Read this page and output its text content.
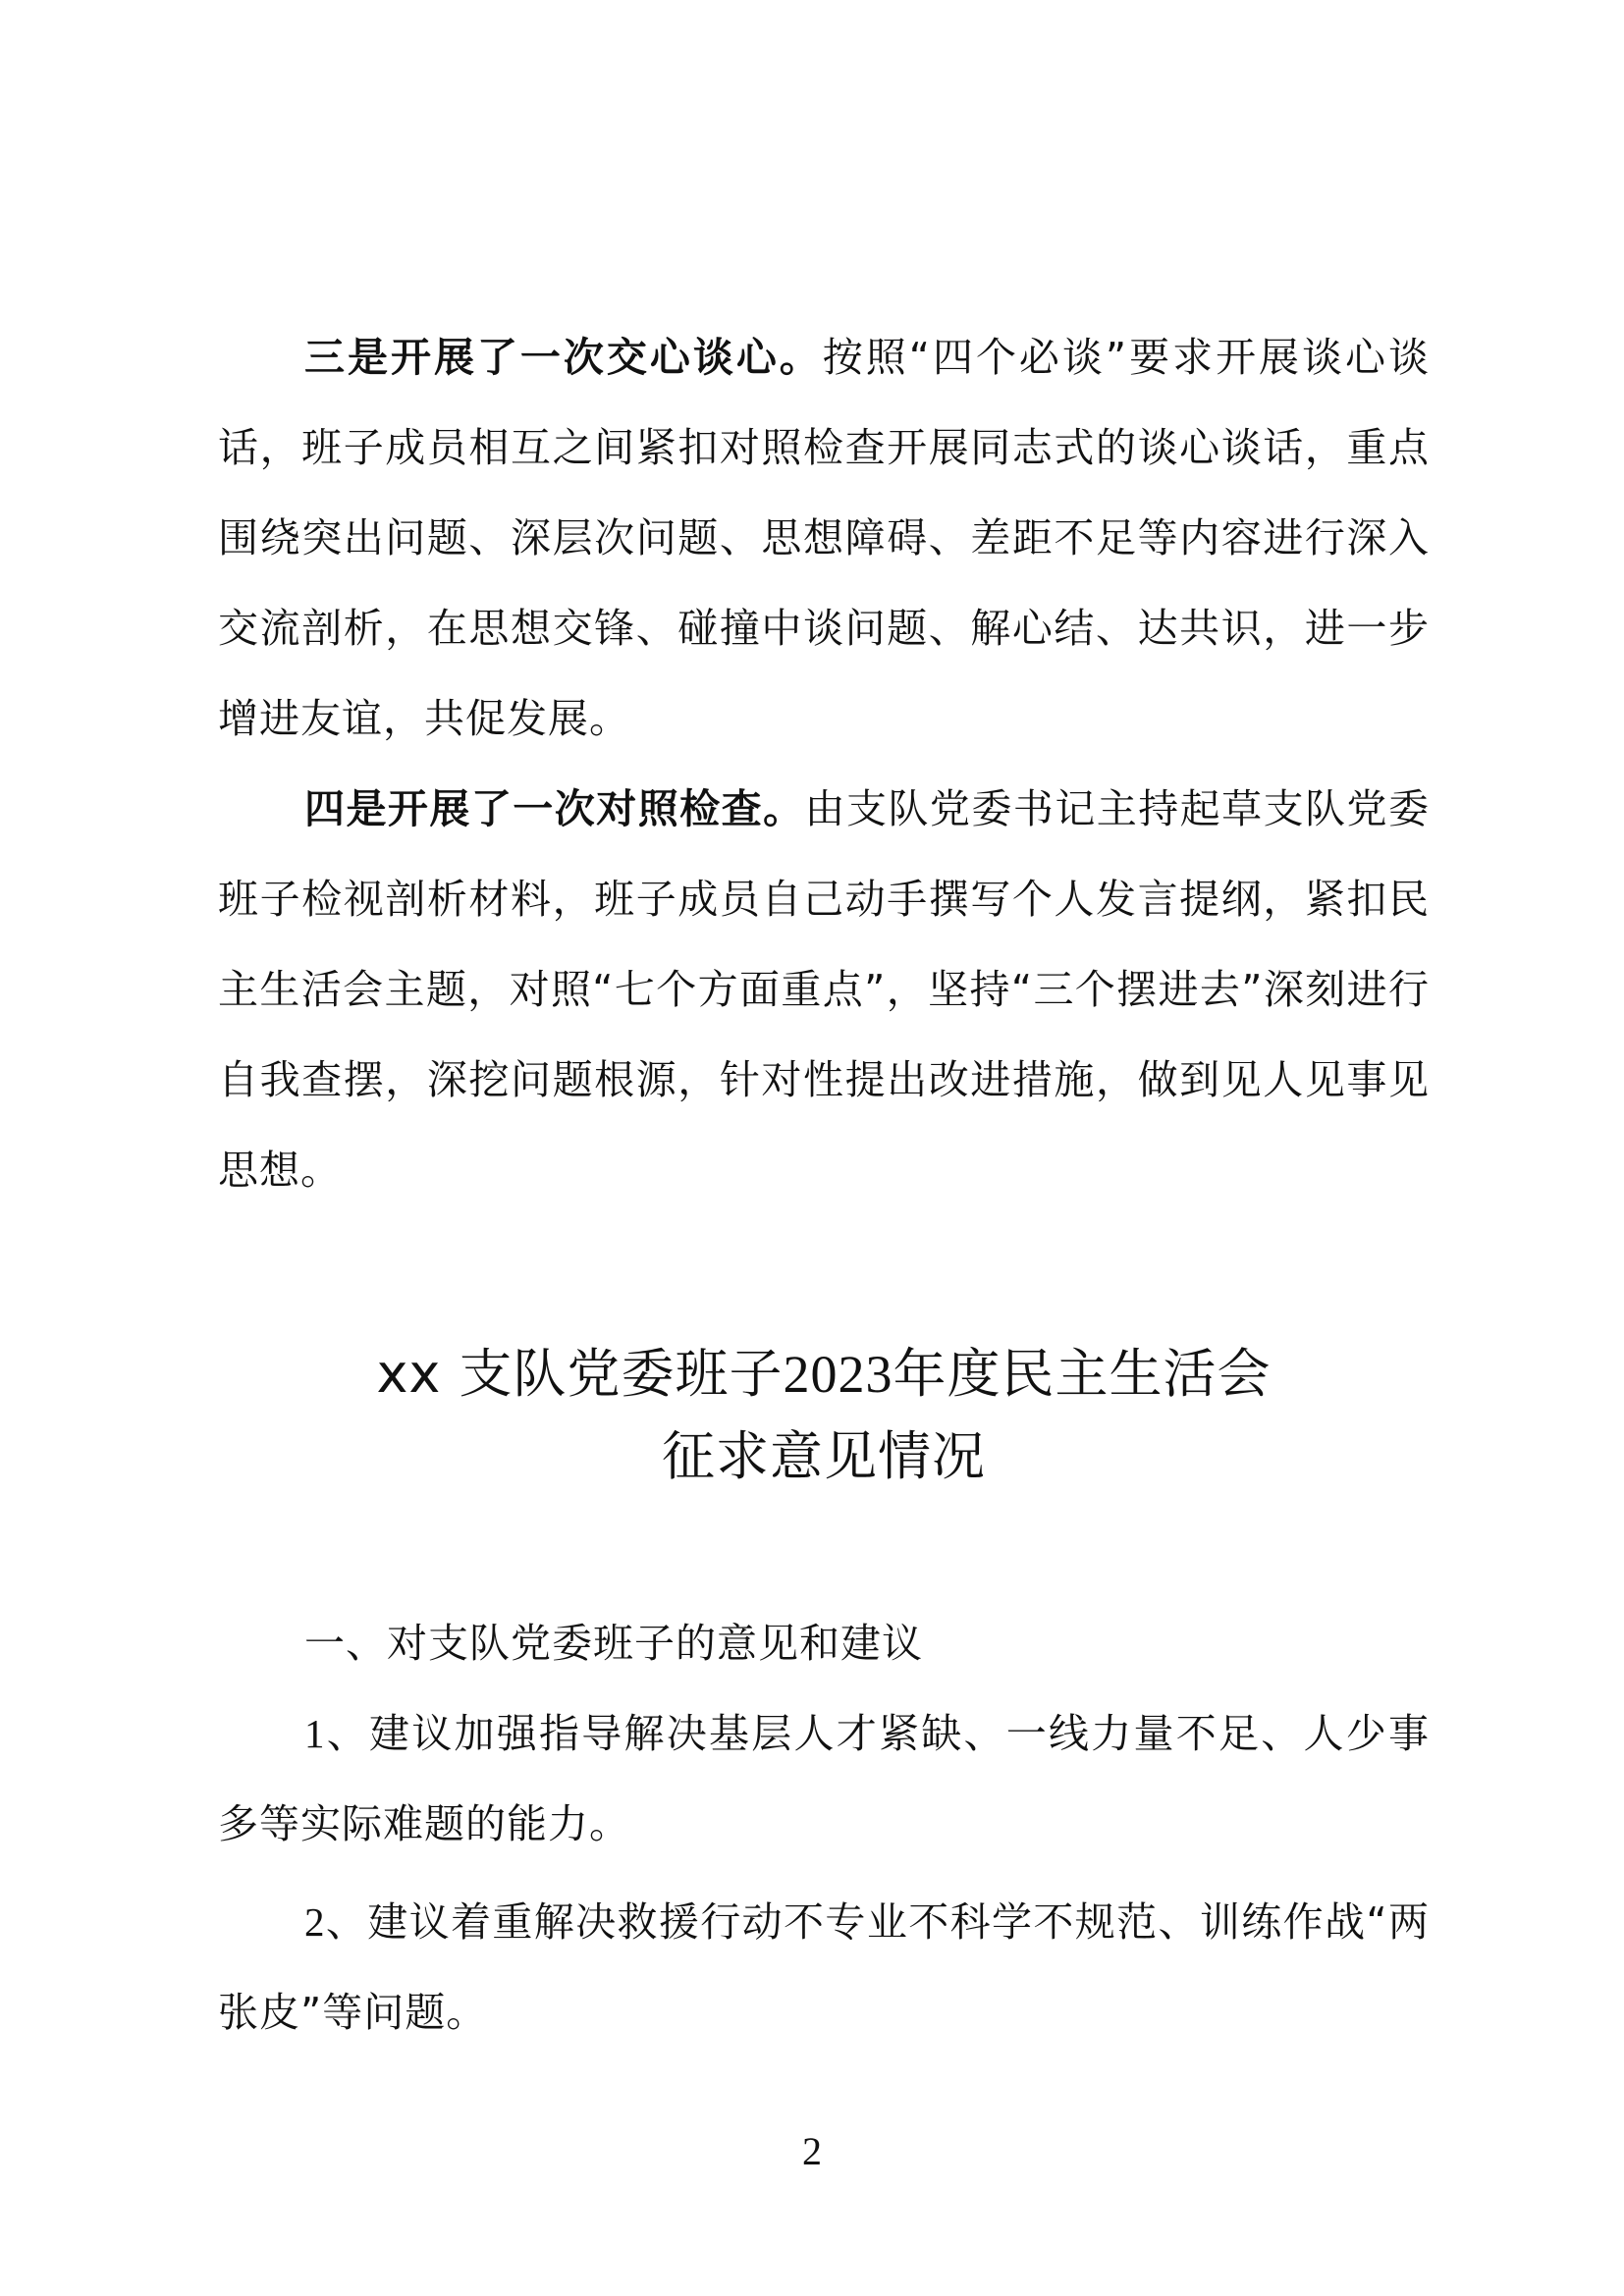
三是开展了一次交心谈心。按照“四个必谈”要求开展谈心谈话，班子成员相互之间紧扣对照检查开展同志式的谈心谈话，重点围绕突出问题、深层次问题、思想障碍、差距不足等内容进行深入交流剖析，在思想交锋、碰撞中谈问题、解心结、达共识，进一步增进友谊，共促发展。

四是开展了一次对照检查。由支队党委书记主持起草支队党委班子检视剖析材料，班子成员自己动手撰写个人发言提纲，紧扣民主生活会主题，对照“七个方面重点”，坚持“三个摆进去”深刻进行自我查摆，深挖问题根源，针对性提出改进措施，做到见人见事见思想。

xx 支队党委班子2023年度民主生活会
征求意见情况

一、对支队党委班子的意见和建议

1、建议加强指导解决基层人才紧缺、一线力量不足、人少事多等实际难题的能力。

2、建议着重解决救援行动不专业不科学不规范、训练作战“两张皮”等问题。

2
